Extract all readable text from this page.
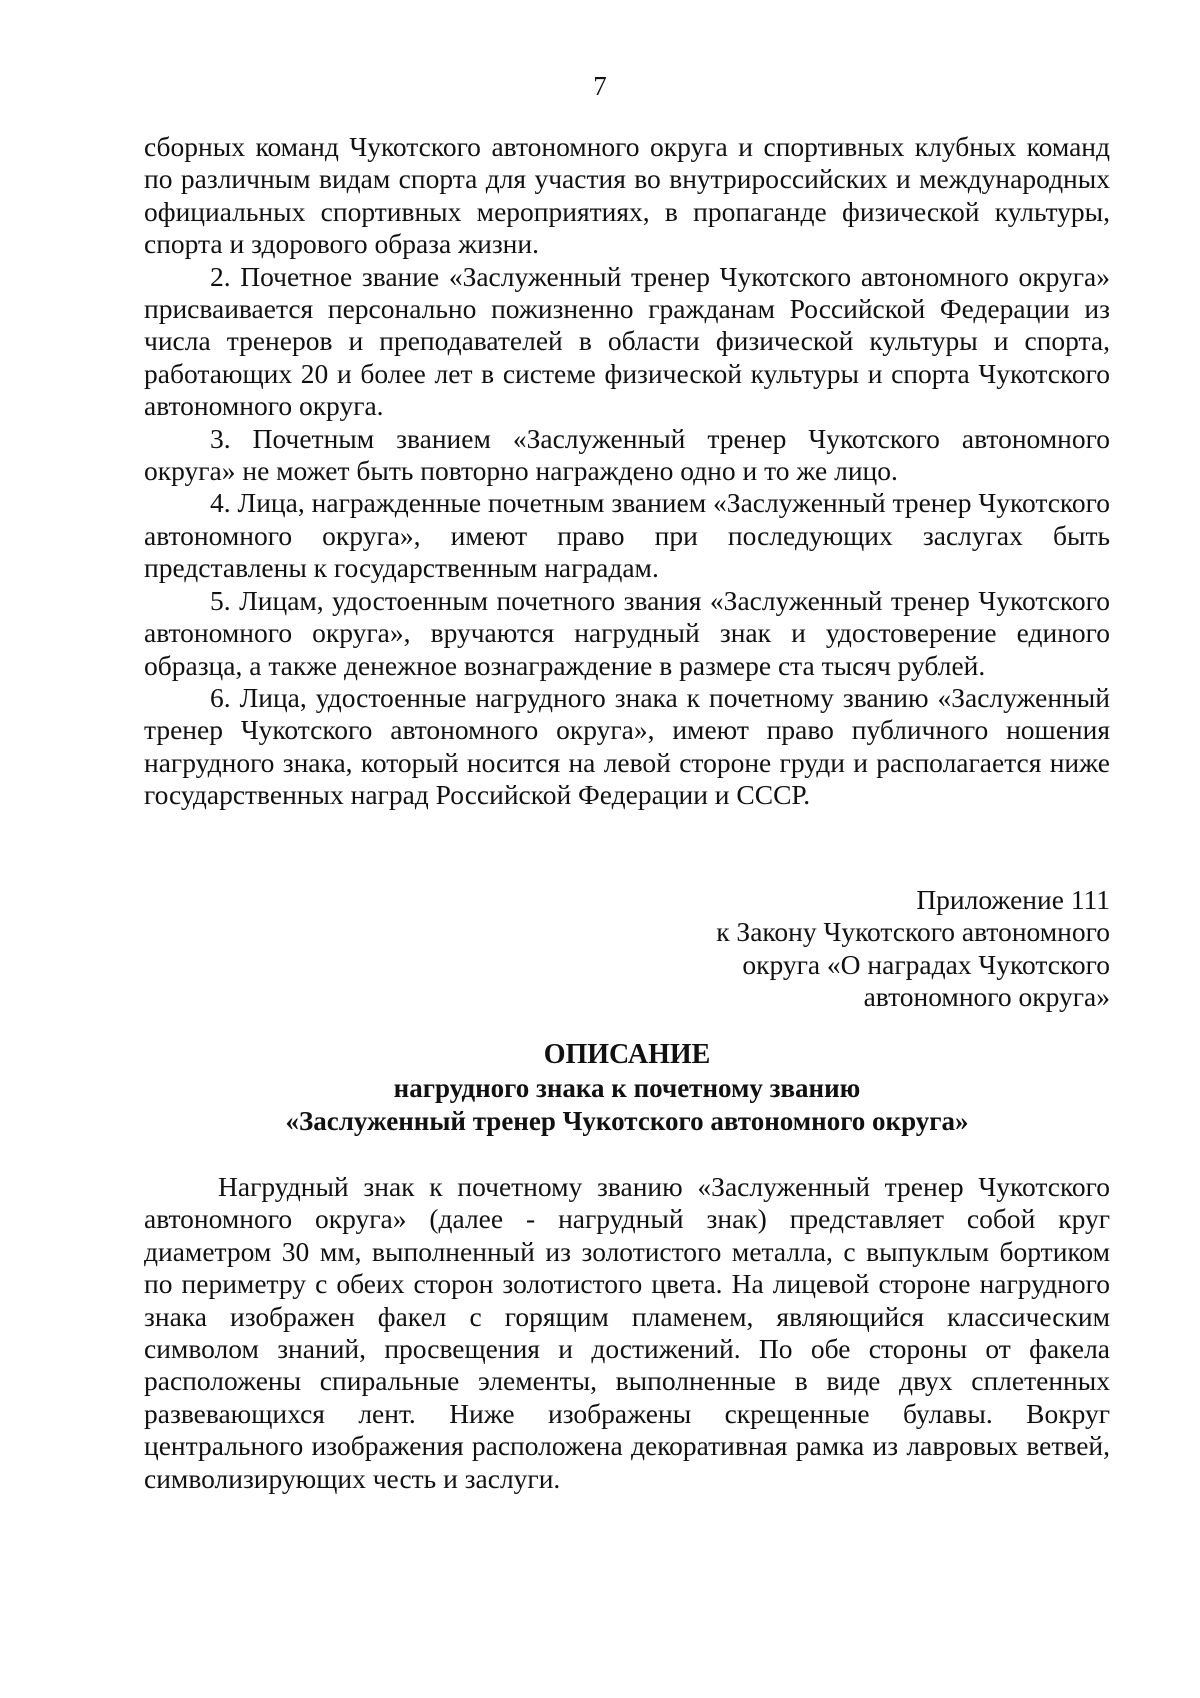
7

сборных команд Чукотского автономного округа и спортивных клубных команд по различным видам спорта для участия во внутрироссийских и международных официальных спортивных мероприятиях, в пропаганде физической культуры, спорта и здорового образа жизни.

2. Почетное звание «Заслуженный тренер Чукотского автономного округа» присваивается персонально пожизненно гражданам Российской Федерации из числа тренеров и преподавателей в области физической культуры и спорта, работающих 20 и более лет в системе физической культуры и спорта Чукотского автономного округа.

3. Почетным званием «Заслуженный тренер Чукотского автономного округа» не может быть повторно награждено одно и то же лицо.

4. Лица, награжденные почетным званием «Заслуженный тренер Чукотского автономного округа», имеют право при последующих заслугах быть представлены к государственным наградам.

5. Лицам, удостоенным почетного звания «Заслуженный тренер Чукотского автономного округа», вручаются нагрудный знак и удостоверение единого образца, а также денежное вознаграждение в размере ста тысяч рублей.

6. Лица, удостоенные нагрудного знака к почетному званию «Заслуженный тренер Чукотского автономного округа», имеют право публичного ношения нагрудного знака, который носится на левой стороне груди и располагается ниже государственных наград Российской Федерации и СССР.

Приложение 111
к Закону Чукотского автономного
округа «О наградах Чукотского
автономного округа»
ОПИСАНИЕ
нагрудного знака к почетному званию
«Заслуженный тренер Чукотского автономного округа»

Нагрудный знак к почетному званию «Заслуженный тренер Чукотского автономного округа» (далее - нагрудный знак) представляет собой круг диаметром 30 мм, выполненный из золотистого металла, с выпуклым бортиком по периметру с обеих сторон золотистого цвета. На лицевой стороне нагрудного знака изображен факел с горящим пламенем, являющийся классическим символом знаний, просвещения и достижений. По обе стороны от факела расположены спиральные элементы, выполненные в виде двух сплетенных развевающихся лент. Ниже изображены скрещенные булавы. Вокруг центрального изображения расположена декоративная рамка из лавровых ветвей, символизирующих честь и заслуги.
